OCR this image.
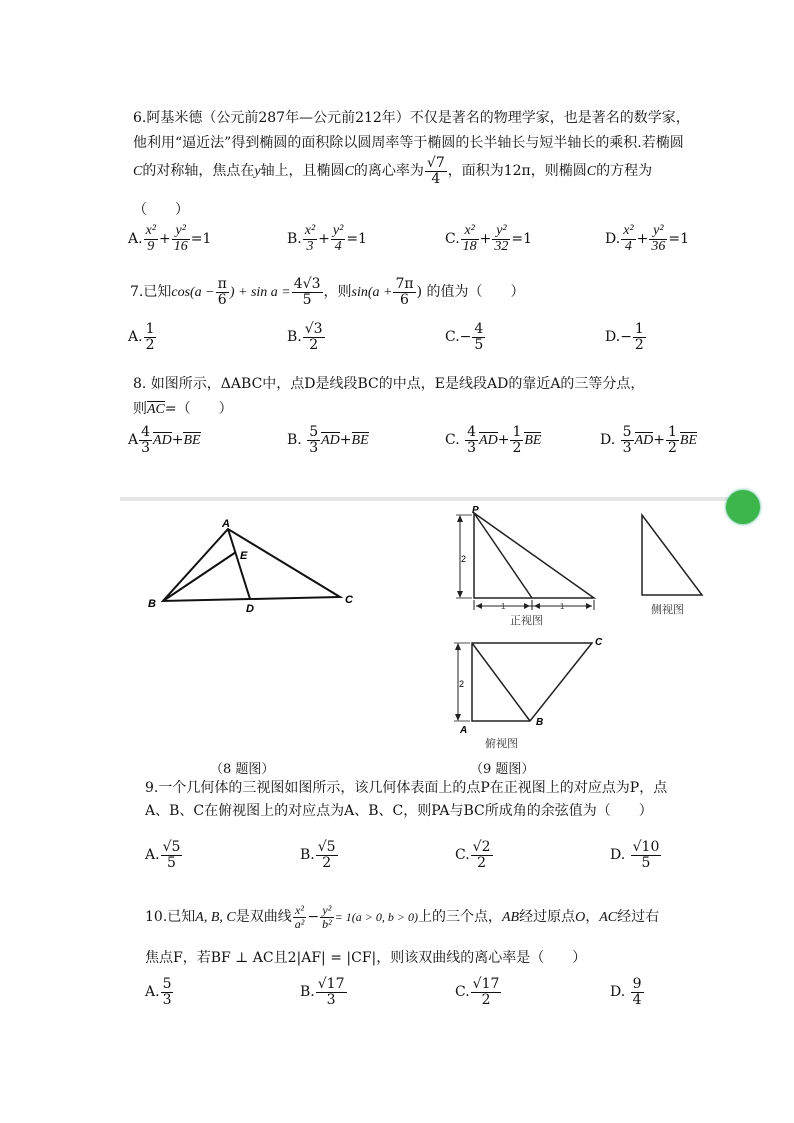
6.阿基米德（公元前287年—公元前212年）不仅是著名的物理学家，也是著名的数学家，
他利用“逼近法”得到椭圆的面积除以圆周率等于椭圆的长半轴长与短半轴长的乘积.若椭圆
C的对称轴，焦点在y轴上，且椭圆C的离心率为 $\frac{√7}{4}$ ，面积为12π，则椭圆C的方程为
（　　）
A. $\frac{\text{x²}}{9} + \frac{\text{y²}}{16} =1$	B. $\frac{\text{x²}}{3} + \frac{\text{y²}}{4} =1$	C. $\frac{\text{x²}}{18} + \frac{\text{y²}}{32} =1$	D. $\frac{\text{x²}}{4} + \frac{\text{y²}}{36} =1$
7.已知$\cos(a - \frac{\pi}{6}$ ) + $\sin a = \frac{4√3}{5}$ ，则$\sin(a + \frac{7\pi}{6}$ ) 的值为（　　）
A. $\frac{1}{2}$	B. $\frac{√3}{2}$	$C.- \frac{4}{5}$	$D.- \frac{1}{2}$
8. 如图所示，ΔABC中，点D是线段BC的中点，E是线段AD的靠近A的三等分点，
则AC=（　　）
A $\frac{4}{3} AD+BE$	B. $\frac{5}{3} AD+BE$	C. $\frac{4}{3} AD+ \frac{1}{2}$ BE	D. $\frac{5}{3} AD+ \frac{1}{2}$ BE
A
E
B	D
C
P
2
1	1
正视图
侧视图
C
B
A
2
俯视图
（8 题图）	（9 题图）
9.一个几何体的三视图如图所示，该几何体表面上的点P在正视图上的对应点为P，点
A、B、C在俯视图上的对应点为A、B、C，则PA与BC所成角的余弦值为（　　）
A. $\frac{√5}{5}$	B. $\frac{√5}{2}$	C. $\frac{√2}{2}$	D. $\frac{√10}{5}$
10.已知A, B, C是双曲线 $\frac{\text{x²}}{\text{a²}} - \frac{\text{y²}}{\text{b²}} = 1(a > 0$, b > 0)上的三个点，AB经过原点O，AC经过右
焦点F，若BF ⊥ AC且2|AF| = |CF|，则该双曲线的离心率是（　　）
A. $\frac{5}{3}$	B. $\frac{√17}{3}$	C. $\frac{√17}{2}$	D. $\frac{9}{4}$
